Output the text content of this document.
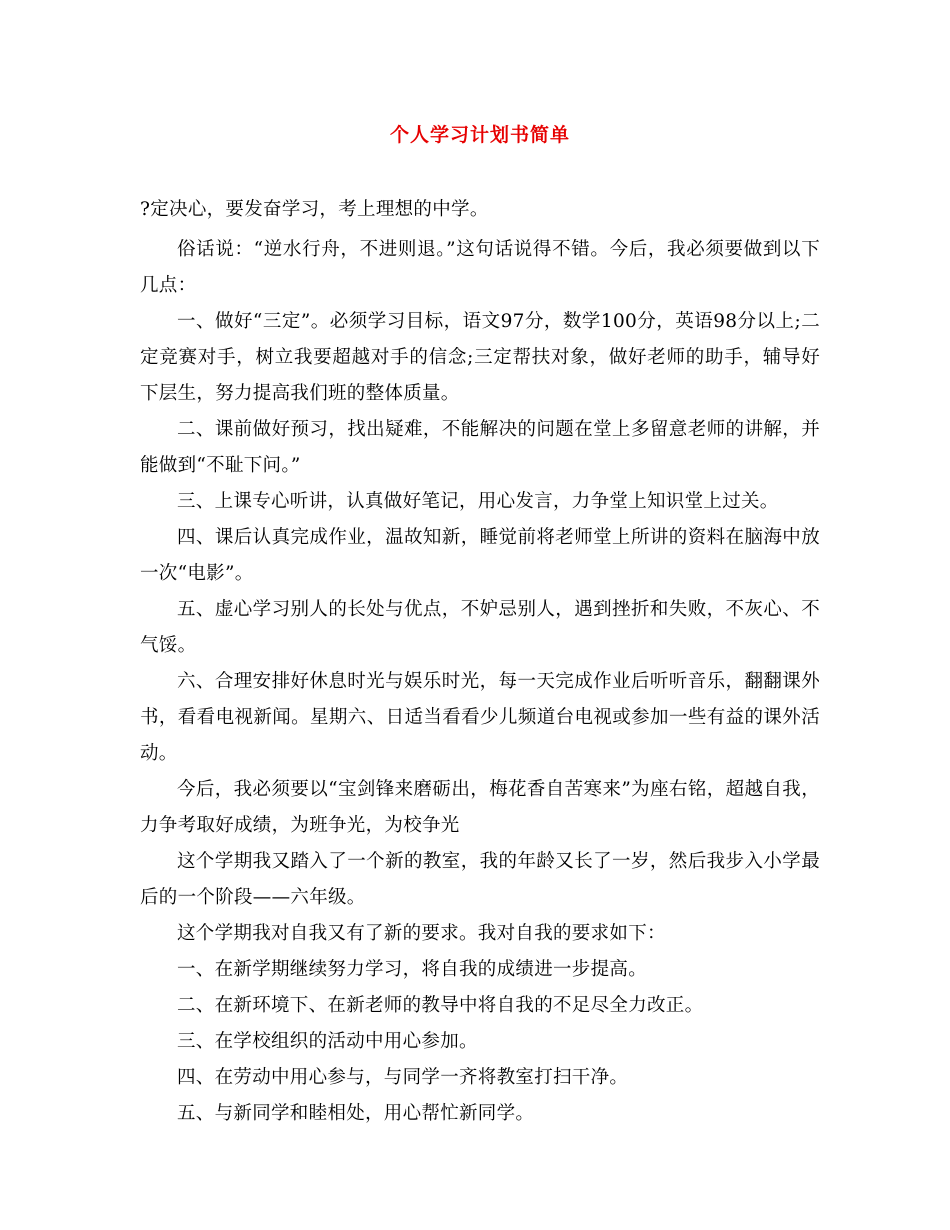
个人学习计划书简单

?定决心，要发奋学习，考上理想的中学。

俗话说：“逆水行舟，不进则退。”这句话说得不错。今后，我必须要做到以下几点：

一、做好“三定”。必须学习目标，语文97分，数学100分，英语98分以上;二定竞赛对手，树立我要超越对手的信念;三定帮扶对象，做好老师的助手，辅导好下层生，努力提高我们班的整体质量。

二、课前做好预习，找出疑难，不能解决的问题在堂上多留意老师的讲解，并能做到“不耻下问。”

三、上课专心听讲，认真做好笔记，用心发言，力争堂上知识堂上过关。

四、课后认真完成作业，温故知新，睡觉前将老师堂上所讲的资料在脑海中放一次“电影”。

五、虚心学习别人的长处与优点，不妒忌别人，遇到挫折和失败，不灰心、不气馁。

六、合理安排好休息时光与娱乐时光，每一天完成作业后听听音乐，翻翻课外书，看看电视新闻。星期六、日适当看看少儿频道台电视或参加一些有益的课外活动。

今后，我必须要以“宝剑锋来磨砺出，梅花香自苦寒来”为座右铭，超越自我，力争考取好成绩，为班争光，为校争光

这个学期我又踏入了一个新的教室，我的年龄又长了一岁，然后我步入小学最后的一个阶段——六年级。

这个学期我对自我又有了新的要求。我对自我的要求如下：

一、在新学期继续努力学习，将自我的成绩进一步提高。

二、在新环境下、在新老师的教导中将自我的不足尽全力改正。

三、在学校组织的活动中用心参加。

四、在劳动中用心参与，与同学一齐将教室打扫干净。

五、与新同学和睦相处，用心帮忙新同学。
